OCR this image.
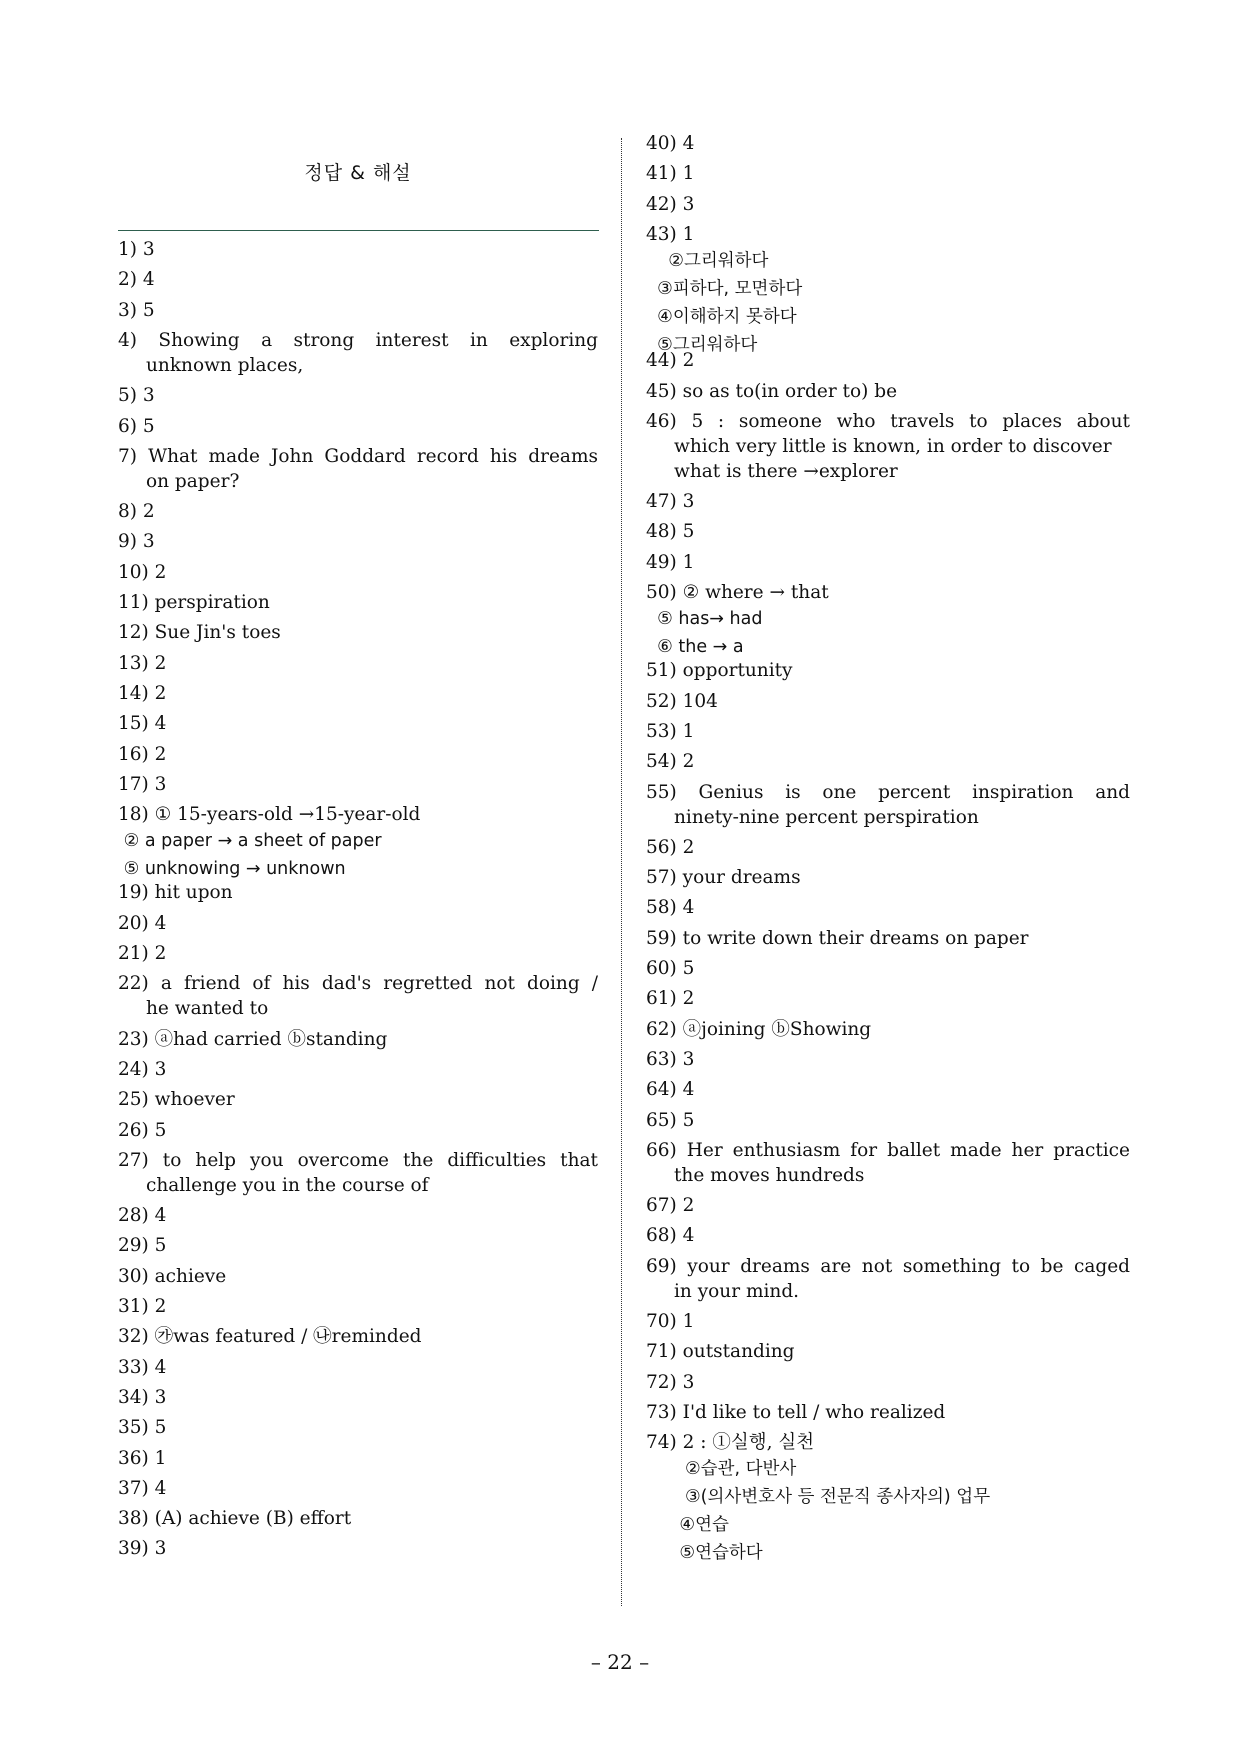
정답 & 해설
1) 3
2) 4
3) 5
4) Showing a strong interest in exploring
unknown places,
5) 3
6) 5
7) What made John Goddard record his dreams
on paper?
8) 2
9) 3
10) 2
11) perspiration
12) Sue Jin's toes
13) 2
14) 2
15) 4
16) 2
17) 3
18) ① 15-years-old →15-year-old
② a paper → a sheet of paper
⑤ unknowing → unknown
19) hit upon
20) 4
21) 2
22) a friend of his dad's regretted not doing /
he wanted to
23) ⓐhad carried ⓑstanding
24) 3
25) whoever
26) 5
27) to help you overcome the difficulties that
challenge you in the course of
28) 4
29) 5
30) achieve
31) 2
32) ㉮was featured / ㉯reminded
33) 4
34) 3
35) 5
36) 1
37) 4
38) (A) achieve (B) effort
39) 3
40) 4
41) 1
42) 3
43) 1
②그리워하다
③피하다, 모면하다
④이해하지 못하다
⑤그리워하다
44) 2
45) so as to(in order to) be
46) 5 : someone who travels to places about
which very little is known, in order to discover
what is there →explorer
47) 3
48) 5
49) 1
50) ② where → that
⑤ has→ had
⑥ the → a
51) opportunity
52) 104
53) 1
54) 2
55) Genius is one percent inspiration and
ninety-nine percent perspiration
56) 2
57) your dreams
58) 4
59) to write down their dreams on paper
60) 5
61) 2
62) ⓐjoining ⓑShowing
63) 3
64) 4
65) 5
66) Her enthusiasm for ballet made her practice
the moves hundreds
67) 2
68) 4
69) your dreams are not something to be caged
in your mind.
70) 1
71) outstanding
72) 3
73) I'd like to tell / who realized
74) 2 : ①실행, 실천
②습관, 다반사
③(의사변호사 등 전문직 종사자의) 업무
④연습
⑤연습하다
– 22 –
